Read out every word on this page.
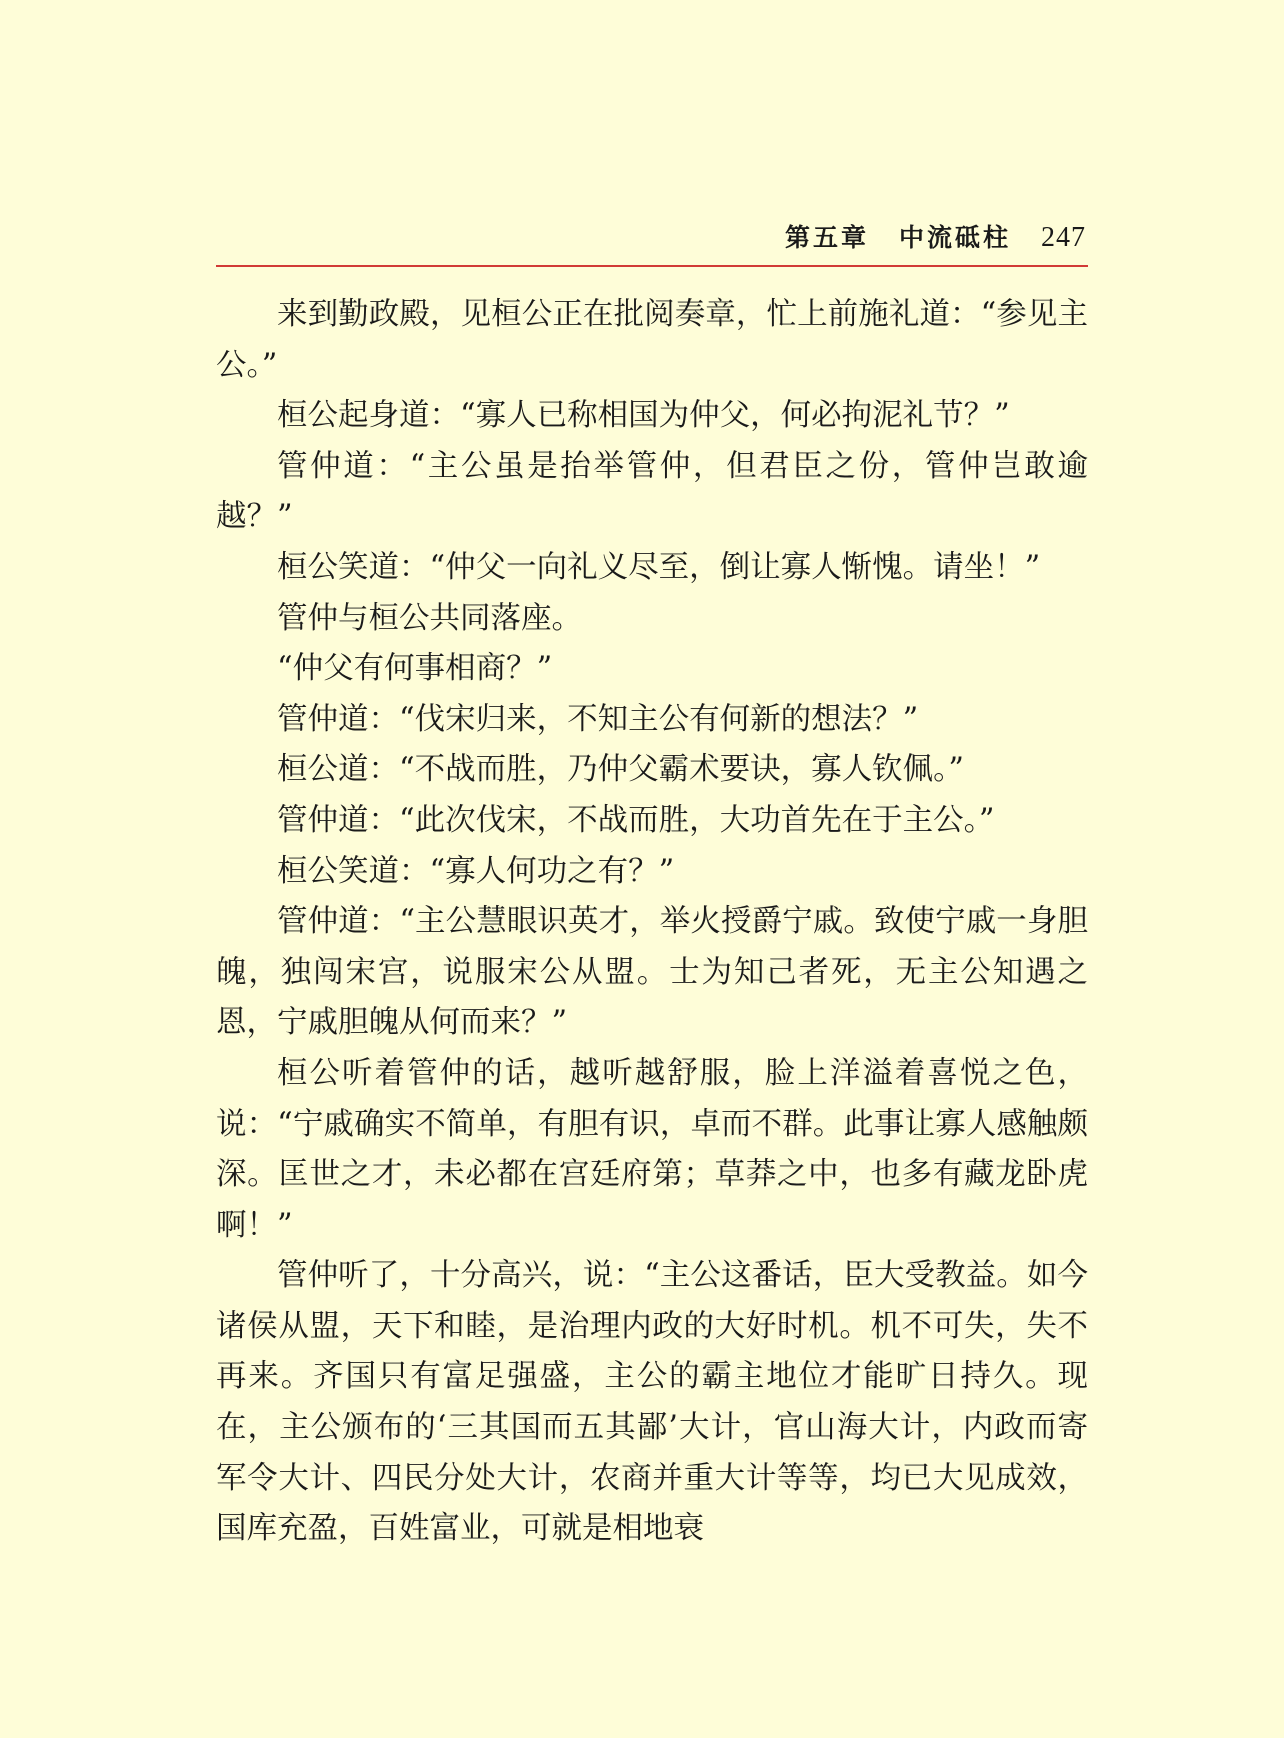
第五章 中流砥柱 247

来到勤政殿，见桓公正在批阅奏章，忙上前施礼道：“参见主公。”

桓公起身道：“寡人已称相国为仲父，何必拘泥礼节？”

管仲道：“主公虽是抬举管仲，但君臣之份，管仲岂敢逾越？”

桓公笑道：“仲父一向礼义尽至，倒让寡人惭愧。请坐！”

管仲与桓公共同落座。

“仲父有何事相商？”

管仲道：“伐宋归来，不知主公有何新的想法？”

桓公道：“不战而胜，乃仲父霸术要诀，寡人钦佩。”

管仲道：“此次伐宋，不战而胜，大功首先在于主公。”

桓公笑道：“寡人何功之有？”

管仲道：“主公慧眼识英才，举火授爵宁戚。致使宁戚一身胆魄，独闯宋宫，说服宋公从盟。士为知己者死，无主公知遇之恩，宁戚胆魄从何而来？”

桓公听着管仲的话，越听越舒服，脸上洋溢着喜悦之色，说：“宁戚确实不简单，有胆有识，卓而不群。此事让寡人感触颇深。匡世之才，未必都在宫廷府第；草莽之中，也多有藏龙卧虎啊！”

管仲听了，十分高兴，说：“主公这番话，臣大受教益。如今诸侯从盟，天下和睦，是治理内政的大好时机。机不可失，失不再来。齐国只有富足强盛，主公的霸主地位才能旷日持久。现在，主公颁布的‘三其国而五其鄙’大计，官山海大计，内政而寄军令大计、四民分处大计，农商并重大计等等，均已大见成效，国库充盈，百姓富业，可就是相地衰
